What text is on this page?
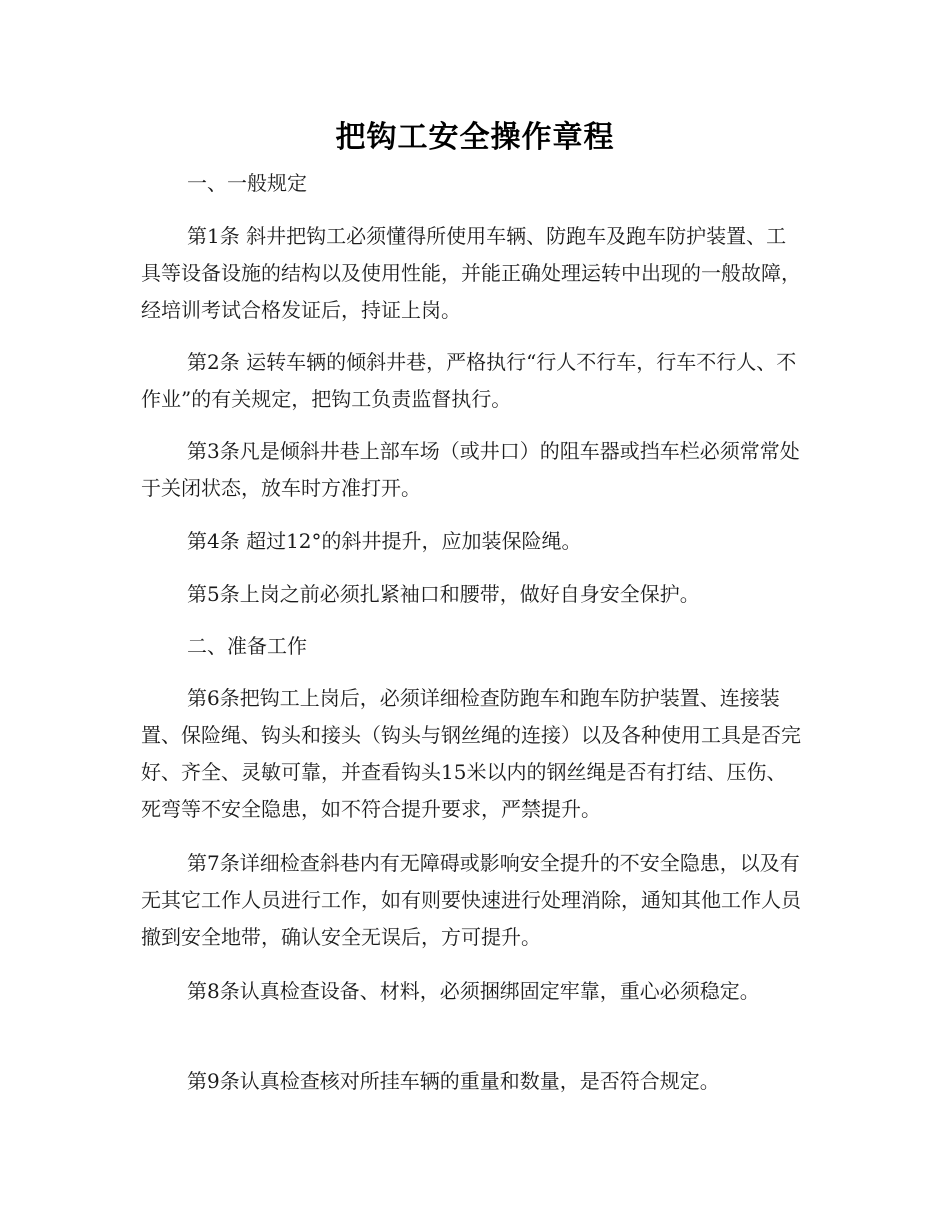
把钩工安全操作章程

一、一般规定

第1条 斜井把钩工必须懂得所使用车辆、防跑车及跑车防护装置、工具等设备设施的结构以及使用性能，并能正确处理运转中出现的一般故障，经培训考试合格发证后，持证上岗。

第2条 运转车辆的倾斜井巷，严格执行“行人不行车，行车不行人、不作业”的有关规定，把钩工负责监督执行。

第3条凡是倾斜井巷上部车场（或井口）的阻车器或挡车栏必须常常处于关闭状态，放车时方准打开。

第4条 超过12°的斜井提升，应加装保险绳。

第5条上岗之前必须扎紧袖口和腰带，做好自身安全保护。

二、准备工作

第6条把钩工上岗后，必须详细检查防跑车和跑车防护装置、连接装置、保险绳、钩头和接头（钩头与钢丝绳的连接）以及各种使用工具是否完好、齐全、灵敏可靠，并查看钩头15米以内的钢丝绳是否有打结、压伤、死弯等不安全隐患，如不符合提升要求，严禁提升。

第7条详细检查斜巷内有无障碍或影响安全提升的不安全隐患，以及有无其它工作人员进行工作，如有则要快速进行处理消除，通知其他工作人员撤到安全地带，确认安全无误后，方可提升。

第8条认真检查设备、材料，必须捆绑固定牢靠，重心必须稳定。

第9条认真检查核对所挂车辆的重量和数量，是否符合规定。
